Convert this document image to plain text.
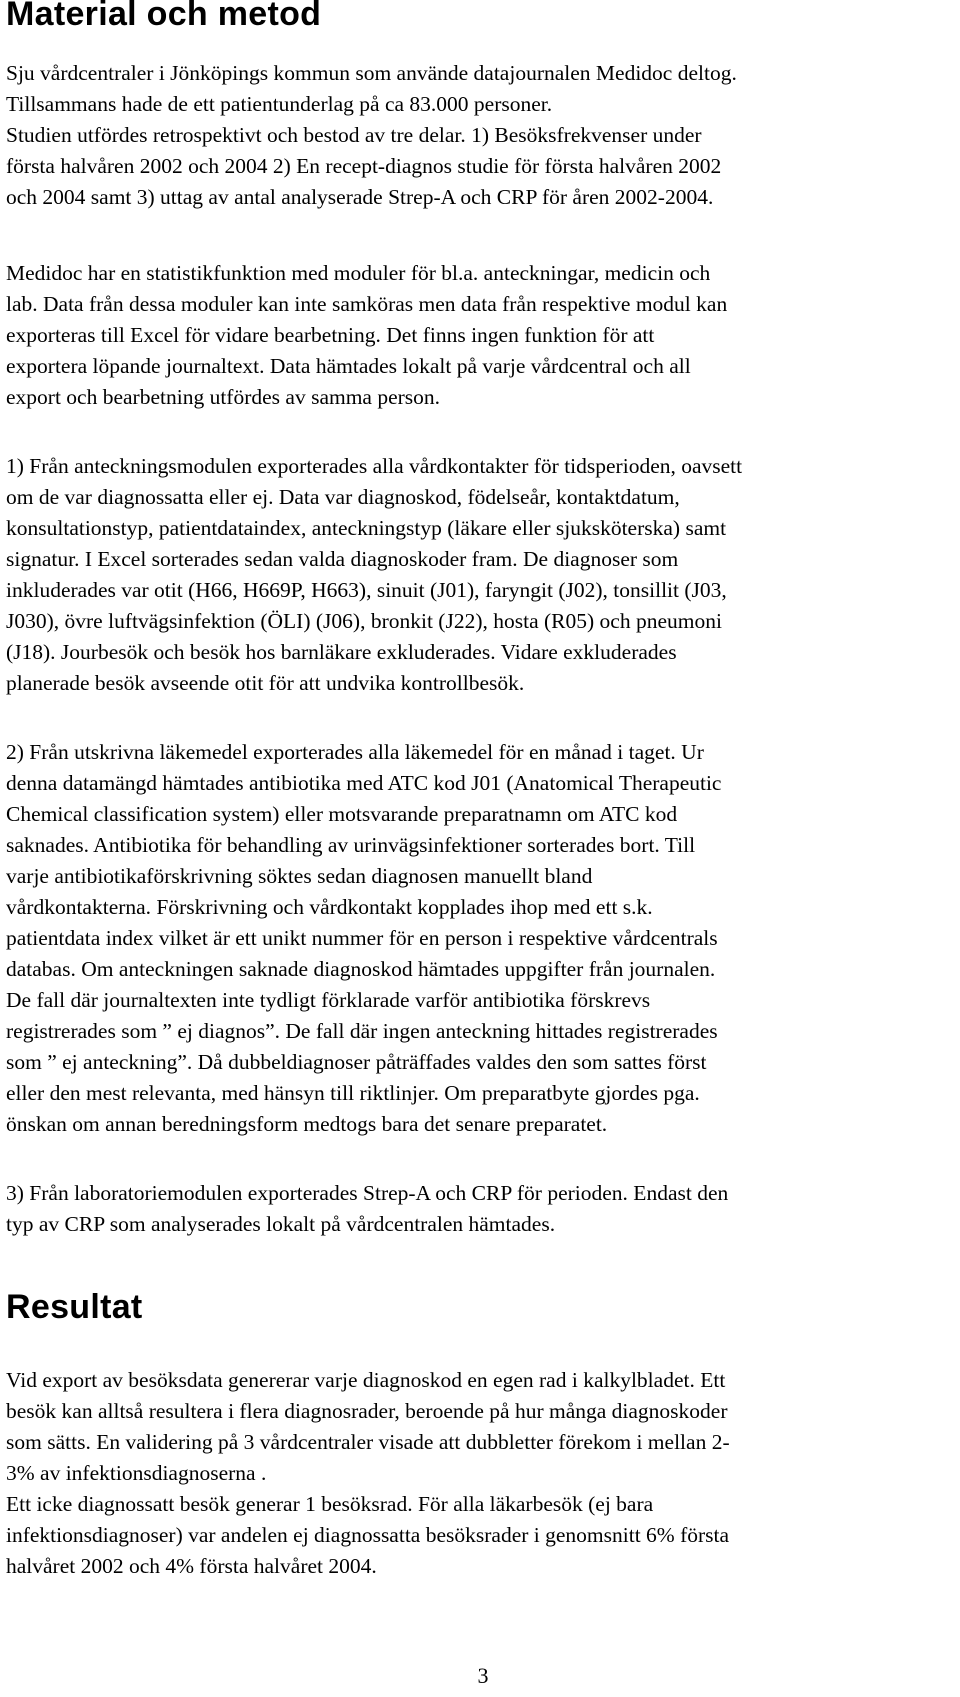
Material och metod

Sju vårdcentraler i Jönköpings kommun som använde datajournalen Medidoc deltog.
Tillsammans hade de ett patientunderlag på ca 83.000 personer.
Studien utfördes retrospektivt och bestod av tre delar. 1) Besöksfrekvenser under
första halvåren 2002 och 2004 2) En recept-diagnos studie för första halvåren 2002
och 2004 samt 3) uttag av antal analyserade Strep-A och CRP för åren 2002-2004.

Medidoc har en statistikfunktion med moduler för bl.a. anteckningar, medicin och
lab. Data från dessa moduler kan inte samköras men data från respektive modul kan
exporteras till Excel för vidare bearbetning. Det finns ingen funktion för att
exportera löpande journaltext. Data hämtades lokalt på varje vårdcentral och all
export och bearbetning utfördes av samma person.

1) Från anteckningsmodulen exporterades alla vårdkontakter för tidsperioden, oavsett
om de var diagnossatta eller ej. Data var diagnoskod, födelseår, kontaktdatum,
konsultationstyp, patientdataindex, anteckningstyp (läkare eller sjuksköterska) samt
signatur. I Excel sorterades sedan valda diagnoskoder fram. De diagnoser som
inkluderades var otit (H66, H669P, H663), sinuit (J01), faryngit (J02), tonsillit (J03,
J030), övre luftvägsinfektion (ÖLI) (J06), bronkit (J22), hosta (R05) och pneumoni
(J18). Jourbesök och besök hos barnläkare exkluderades. Vidare exkluderades
planerade besök avseende otit för att undvika kontrollbesök.

2) Från utskrivna läkemedel exporterades alla läkemedel för en månad i taget. Ur
denna datamängd hämtades antibiotika med ATC kod J01 (Anatomical Therapeutic
Chemical classification system) eller motsvarande preparatnamn om ATC kod
saknades. Antibiotika för behandling av urinvägsinfektioner sorterades bort. Till
varje antibiotikaförskrivning söktes sedan diagnosen manuellt bland
vårdkontakterna. Förskrivning och vårdkontakt kopplades ihop med ett s.k.
patientdata index vilket är ett unikt nummer för en person i respektive vårdcentrals
databas. Om anteckningen saknade diagnoskod hämtades uppgifter från journalen.
De fall där journaltexten inte tydligt förklarade varför antibiotika förskrevs
registrerades som ” ej diagnos”. De fall där ingen anteckning hittades registrerades
som ” ej anteckning”. Då dubbeldiagnoser påträffades valdes den som sattes först
eller den mest relevanta, med hänsyn till riktlinjer. Om preparatbyte gjordes pga.
önskan om annan beredningsform medtogs bara det senare preparatet.

3) Från laboratoriemodulen exporterades Strep-A och CRP för perioden. Endast den
typ av CRP som analyserades lokalt på vårdcentralen hämtades.

Resultat

Vid export av besöksdata genererar varje diagnoskod en egen rad i kalkylbladet. Ett
besök kan alltså resultera i flera diagnosrader, beroende på hur många diagnoskoder
som sätts. En validering på 3 vårdcentraler visade att dubbletter förekom i mellan 2-
3% av infektionsdiagnoserna .

Ett icke diagnossatt besök generar 1 besöksrad. För alla läkarbesök (ej bara
infektionsdiagnoser) var andelen ej diagnossatta besöksrader i genomsnitt 6% första
halvåret 2002 och 4% första halvåret 2004.

3
